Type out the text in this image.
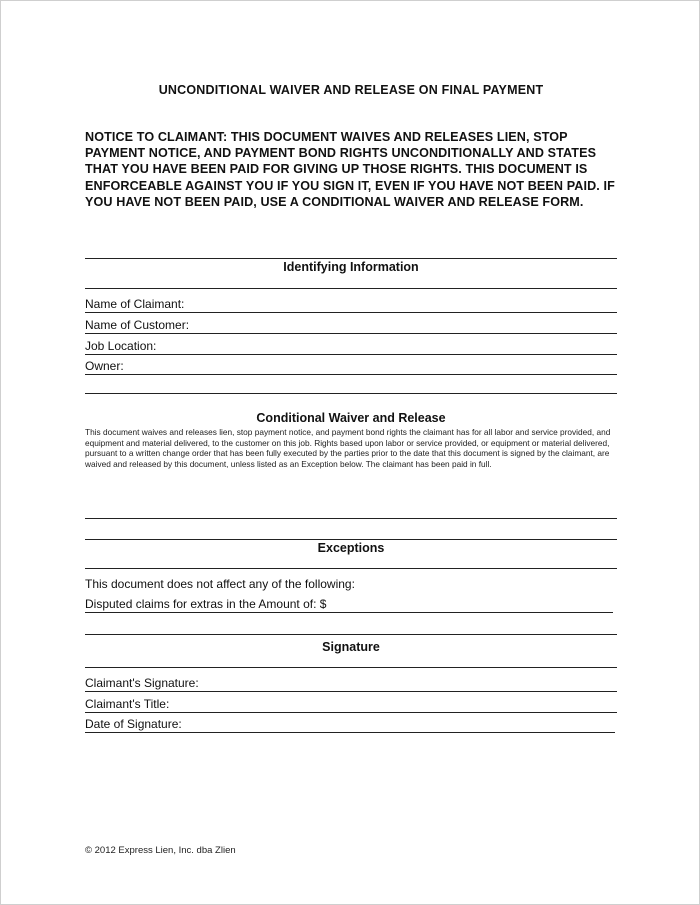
UNCONDITIONAL WAIVER AND RELEASE ON FINAL PAYMENT
NOTICE TO CLAIMANT: THIS DOCUMENT WAIVES AND RELEASES LIEN, STOP PAYMENT NOTICE, AND PAYMENT BOND RIGHTS UNCONDITIONALLY AND STATES THAT YOU HAVE BEEN PAID FOR GIVING UP THOSE RIGHTS. THIS DOCUMENT IS ENFORCEABLE AGAINST YOU IF YOU SIGN IT, EVEN IF YOU HAVE NOT BEEN PAID. IF YOU HAVE NOT BEEN PAID, USE A CONDITIONAL WAIVER AND RELEASE FORM.
Identifying Information
Name of Claimant:
Name of Customer:
Job Location:
Owner:
Conditional Waiver and Release
This document waives and releases lien, stop payment notice, and payment bond rights the claimant has for all labor and service provided, and equipment and material delivered, to the customer on this job. Rights based upon labor or service provided, or equipment or material delivered, pursuant to a written change order that has been fully executed by the parties prior to the date that this document is signed by the claimant, are waived and released by this document, unless listed as an Exception below. The claimant has been paid in full.
Exceptions
This document does not affect any of the following:
Disputed claims for extras in the Amount of: $
Signature
Claimant's Signature:
Claimant's Title:
Date of Signature:
© 2012 Express Lien, Inc. dba Zlien
